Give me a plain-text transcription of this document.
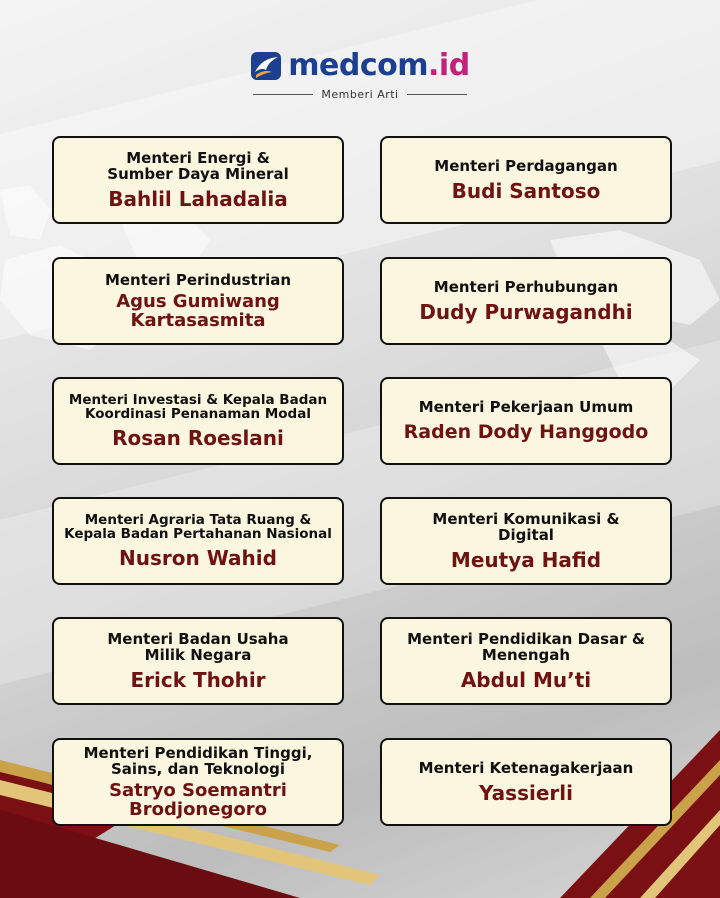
medcom.id
Memberi Arti
Menteri Energi & Sumber Daya Mineral
Bahlil Lahadalia
Menteri Perdagangan
Budi Santoso
Menteri Perindustrian
Agus Gumiwang Kartasasmita
Menteri Perhubungan
Dudy Purwagandhi
Menteri Investasi & Kepala Badan Koordinasi Penanaman Modal
Rosan Roeslani
Menteri Pekerjaan Umum
Raden Dody Hanggodo
Menteri Agraria Tata Ruang & Kepala Badan Pertahanan Nasional
Nusron Wahid
Menteri Komunikasi & Digital
Meutya Hafid
Menteri Badan Usaha Milik Negara
Erick Thohir
Menteri Pendidikan Dasar & Menengah
Abdul Mu’ti
Menteri Pendidikan Tinggi, Sains, dan Teknologi
Satryo Soemantri Brodjonegoro
Menteri Ketenagakerjaan
Yassierli
